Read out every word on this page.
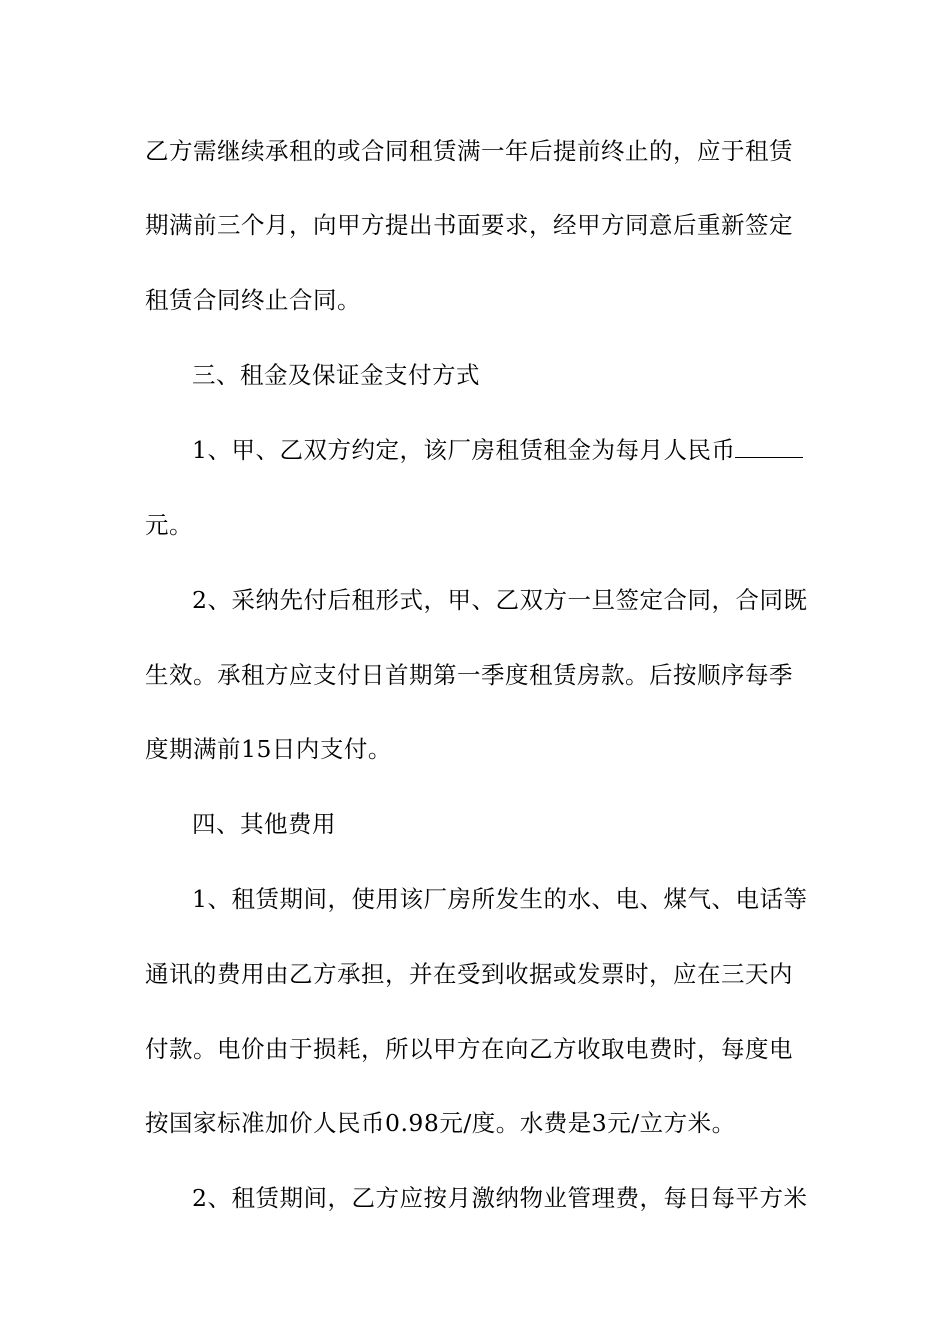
乙方需继续承租的或合同租赁满一年后提前终止的，应于租赁
期满前三个月，向甲方提出书面要求，经甲方同意后重新签定
租赁合同终止合同。
三、租金及保证金支付方式
1、甲、乙双方约定，该厂房租赁租金为每月人民币
元。
2、采纳先付后租形式，甲、乙双方一旦签定合同，合同既
生效。承租方应支付日首期第一季度租赁房款。后按顺序每季
度期满前15日内支付。
四、其他费用
1、租赁期间，使用该厂房所发生的水、电、煤气、电话等
通讯的费用由乙方承担，并在受到收据或发票时，应在三天内
付款。电价由于损耗，所以甲方在向乙方收取电费时，每度电
按国家标准加价人民币0.98元/度。水费是3元/立方米。
2、租赁期间，乙方应按月激纳物业管理费，每日每平方米
